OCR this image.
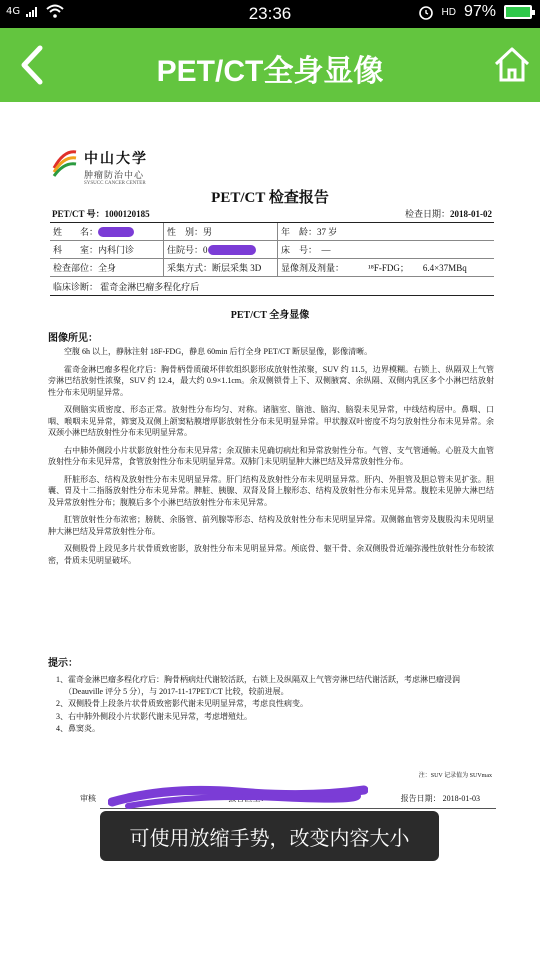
4G	23:36	HD 97%
PET/CT全身显像
中山大学
肿瘤防治中心
SYSUCC CANCER CENTER
PET/CT 检查报告
PET/CT 号：1000120185	检查日期：2018-01-02
姓　　名：	性　别：男	年　龄：37 岁
科　　室：内科门诊	住院号：0	床　号：　—
检查部位：全身	采集方式：断层采集 3D	显像剂及剂量：	¹⁸F-FDG； 6.4×37MBq
临床诊断： 霍奇金淋巴瘤多程化疗后
PET/CT 全身显像
图像所见：

空腹 6h 以上，静脉注射 18F-FDG，静息 60min 后行全身 PET/CT 断层显像，影像清晰。

霍奇金淋巴瘤多程化疗后：胸骨柄骨质破坏伴软组织影形成放射性浓聚，SUV 约 11.5，边界模糊。右锁上、纵隔双上气管旁淋巴结放射性浓聚，SUV 约 12.4，最大约 0.9×1.1cm。余双侧锁骨上下、双侧腋窝、余纵隔、双侧内乳区多个小淋巴结放射性分布未见明显异常。

双侧脑实质密度、形态正常。放射性分布均匀、对称。诸脑室、脑池、脑沟、脑裂未见异常，中线结构居中。鼻咽、口咽、喉咽未见异常，筛窦及双侧上颌窦粘膜增厚影放射性分布未见明显异常。甲状腺双叶密度不均匀放射性分布未见异常。余双颈小淋巴结放射性分布未见明显异常。

右中肺外侧段小片状影放射性分布未见异常；余双肺未见确切病灶和异常放射性分布。气管、支气管通畅。心脏及大血管放射性分布未见异常，食管放射性分布未见明显异常。双肺门未见明显肿大淋巴结及异常放射性分布。

肝脏形态、结构及放射性分布未见明显异常。肝门结构及放射性分布未见明显异常。肝内、外胆管及胆总管未见扩张。胆囊、胃及十二指肠放射性分布未见异常。脾脏、胰腺、双肾及肾上腺形态、结构及放射性分布未见异常。腹腔未见肿大淋巴结及异常放射性分布；腹膜后多个小淋巴结放射性分布未见异常。

肛管放射性分布浓密；膀胱、余肠管、前列腺等形态、结构及放射性分布未见明显异常。双侧髂血管旁及腹股沟未见明显肿大淋巴结及异常放射性分布。

双侧股骨上段见多片状骨质致密影，放射性分布未见明显异常。颅底骨、躯干骨、余双侧股骨近端弥漫性放射性分布较浓密，骨质未见明显破坏。

提示：

1、霍奇金淋巴瘤多程化疗后：胸骨柄病灶代谢较活跃，右锁上及纵隔双上气管旁淋巴结代谢活跃，考虑淋巴瘤浸润（Deauville 评分 5 分），与 2017-11-17PET/CT 比较，较前进展。

2、双侧股骨上段条片状骨质致密影代谢未见明显异常，考虑良性病变。

3、右中肺外侧段小片状影代谢未见异常，考虑增殖灶。

4、鼻窦炎。

注：SUV 记录值为 SUVmax
审核	报告医生：	报告日期： 2018-01-03
可使用放缩手势，改变内容大小
